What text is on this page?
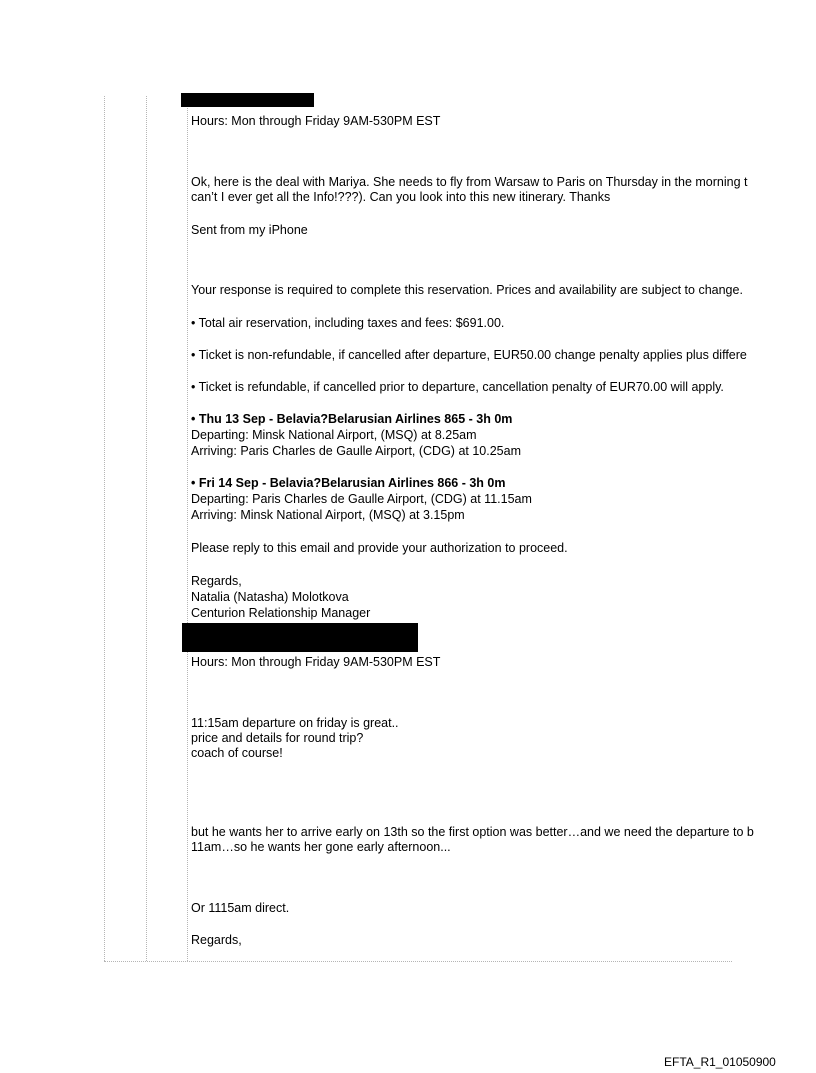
Hours: Mon through Friday 9AM-530PM EST

Ok, here is the deal with Mariya. She needs to fly from Warsaw to Paris on Thursday in the morning t

can’t I ever get all the Info!???). Can you look into this new itinerary. Thanks

Sent from my iPhone

Your response is required to complete this reservation. Prices and availability are subject to change.

• Total air reservation, including taxes and fees: $691.00.

• Ticket is non-refundable, if cancelled after departure, EUR50.00 change penalty applies plus differe

• Ticket is refundable, if cancelled prior to departure, cancellation penalty of EUR70.00 will apply.

• Thu 13 Sep - Belavia?Belarusian Airlines 865 - 3h 0m

Departing: Minsk National Airport, (MSQ) at 8.25am

Arriving: Paris Charles de Gaulle Airport, (CDG) at 10.25am

• Fri 14 Sep - Belavia?Belarusian Airlines 866 - 3h 0m

Departing: Paris Charles de Gaulle Airport, (CDG) at 11.15am

Arriving: Minsk National Airport, (MSQ) at 3.15pm

Please reply to this email and provide your authorization to proceed.

Regards,

Natalia (Natasha) Molotkova

Centurion Relationship Manager

Hours: Mon through Friday 9AM-530PM EST

11:15am departure on friday is great..

price and details for round trip?

coach of course!

but he wants her to arrive early on 13th so the first option was better…and we need the departure to b

11am…so he wants her gone early afternoon...

Or 1115am direct.

Regards,

EFTA_R1_01050900
